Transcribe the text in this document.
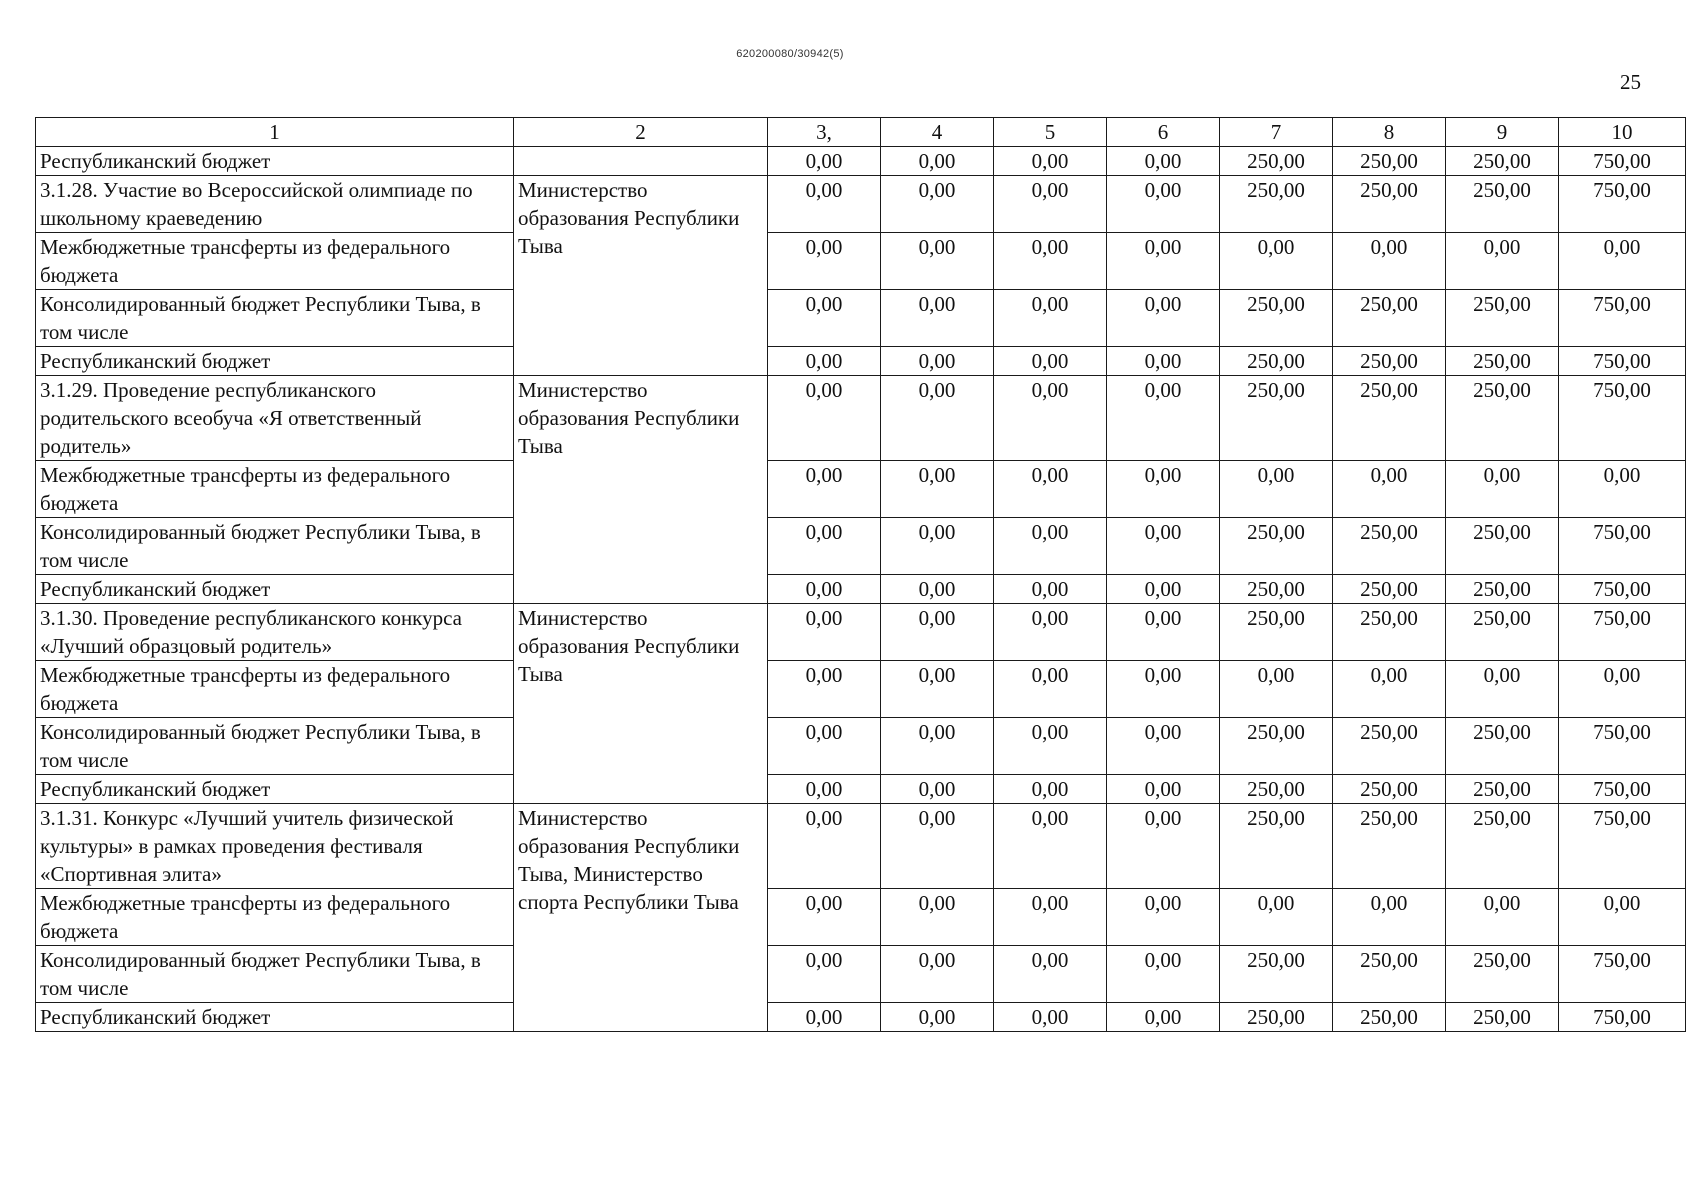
620200080/30942(5)
25
1	2	3,	4	5	6	7	8	9	10
Республиканский бюджет		0,00	0,00	0,00	0,00	250,00	250,00	250,00	750,00
3.1.28. Участие во Всероссийской олимпиаде по школьному краеведению	Министерство образования Республики Тыва	0,00	0,00	0,00	0,00	250,00	250,00	250,00	750,00
Межбюджетные трансферты из федерального бюджета		0,00	0,00	0,00	0,00	0,00	0,00	0,00	0,00
Консолидированный бюджет Республики Тыва, в том числе		0,00	0,00	0,00	0,00	250,00	250,00	250,00	750,00
Республиканский бюджет		0,00	0,00	0,00	0,00	250,00	250,00	250,00	750,00
3.1.29. Проведение республиканского родительского всеобуча «Я ответственный родитель»	Министерство образования Республики Тыва	0,00	0,00	0,00	0,00	250,00	250,00	250,00	750,00
Межбюджетные трансферты из федерального бюджета		0,00	0,00	0,00	0,00	0,00	0,00	0,00	0,00
Консолидированный бюджет Республики Тыва, в том числе		0,00	0,00	0,00	0,00	250,00	250,00	250,00	750,00
Республиканский бюджет		0,00	0,00	0,00	0,00	250,00	250,00	250,00	750,00
3.1.30. Проведение республиканского конкурса «Лучший образцовый родитель»	Министерство образования Республики Тыва	0,00	0,00	0,00	0,00	250,00	250,00	250,00	750,00
Межбюджетные трансферты из федерального бюджета		0,00	0,00	0,00	0,00	0,00	0,00	0,00	0,00
Консолидированный бюджет Республики Тыва, в том числе		0,00	0,00	0,00	0,00	250,00	250,00	250,00	750,00
Республиканский бюджет		0,00	0,00	0,00	0,00	250,00	250,00	250,00	750,00
3.1.31. Конкурс «Лучший учитель физической культуры» в рамках проведения фестиваля «Спортивная элита»	Министерство образования Республики Тыва, Министерство спорта Республики Тыва	0,00	0,00	0,00	0,00	250,00	250,00	250,00	750,00
Межбюджетные трансферты из федерального бюджета		0,00	0,00	0,00	0,00	0,00	0,00	0,00	0,00
Консолидированный бюджет Республики Тыва, в том числе		0,00	0,00	0,00	0,00	250,00	250,00	250,00	750,00
Республиканский бюджет		0,00	0,00	0,00	0,00	250,00	250,00	250,00	750,00
